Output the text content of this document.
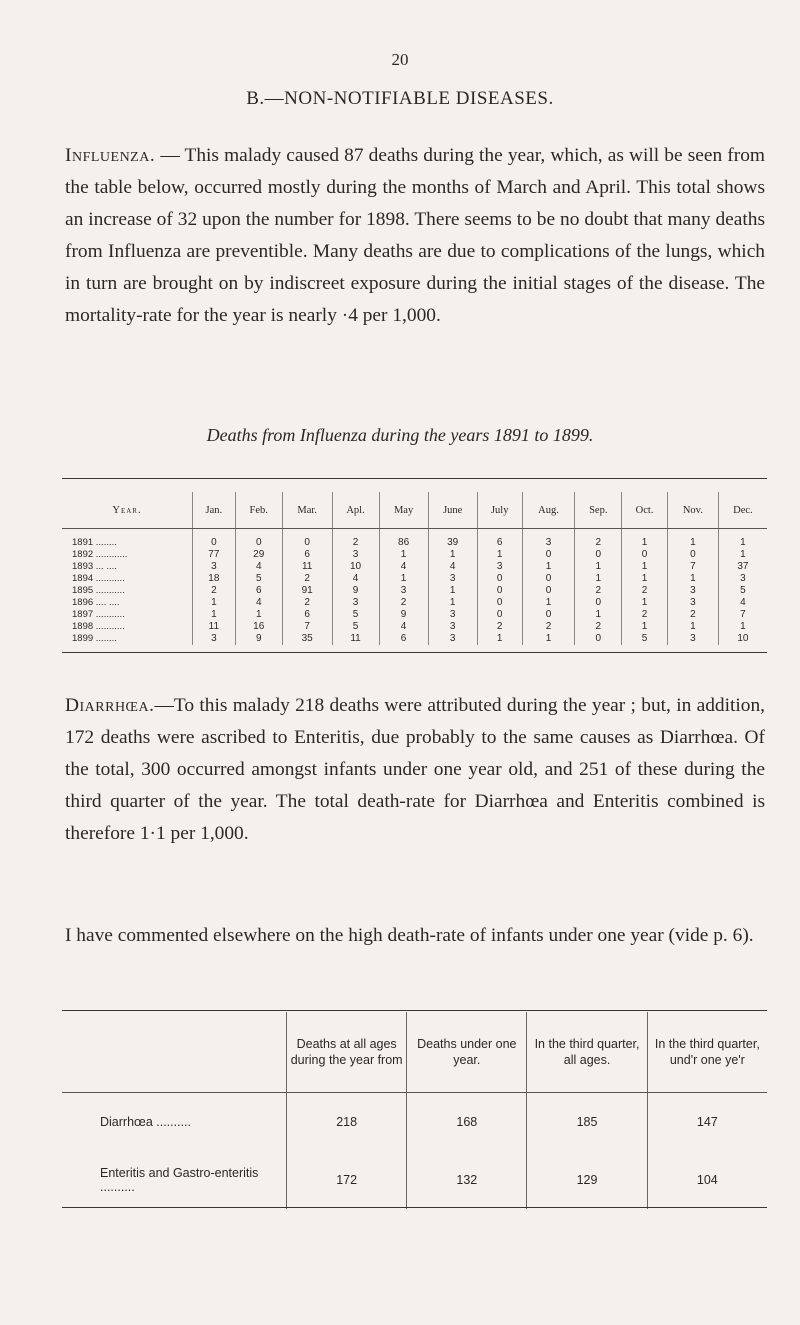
20
B.—NON-NOTIFIABLE DISEASES.
Influenza. — This malady caused 87 deaths during the year, which, as will be seen from the table below, occurred mostly during the months of March and April. This total shows an increase of 32 upon the number for 1898. There seems to be no doubt that many deaths from Influenza are preventible. Many deaths are due to complications of the lungs, which in turn are brought on by indiscreet exposure during the initial stages of the disease. The mortality-rate for the year is nearly ·4 per 1,000.
Deaths from Influenza during the years 1891 to 1899.
Year.	Jan.	Feb.	Mar.	Apl.	May	June	July	Aug.	Sep.	Oct.	Nov.	Dec.
1891 ........	0	0	0	2	86	39	6	3	2	1	1	1
1892 ............	77	29	6	3	1	1	1	0	0	0	0	1
1893 ... ....	3	4	11	10	4	4	3	1	1	1	7	37
1894 ...........	18	5	2	4	1	3	0	0	1	1	1	3
1895 ...........	2	6	91	9	3	1	0	0	2	2	3	5
1896 .... ....	1	4	2	3	2	1	0	1	0	1	3	4
1897 ...........	1	1	6	5	9	3	0	0	1	2	2	7
1898 ...........	11	16	7	5	4	3	2	2	2	1	1	1
1899 ........	3	9	35	11	6	3	1	1	0	5	3	10
Diarrhœa.—To this malady 218 deaths were attributed during the year ; but, in addition, 172 deaths were ascribed to Enteritis, due probably to the same causes as Diarrhœa. Of the total, 300 occurred amongst infants under one year old, and 251 of these during the third quarter of the year. The total death-rate for Diarrhœa and Enteritis combined is therefore 1·1 per 1,000.
I have commented elsewhere on the high death-rate of infants under one year (vide p. 6).
	Deaths at all ages during the year from	Deaths under one year.	In the third quarter, all ages.	In the third quarter, und'r one ye'r
Diarrhœa ..........	218	168	185	147
Enteritis and Gastro-enteritis ..........	172	132	129	104
